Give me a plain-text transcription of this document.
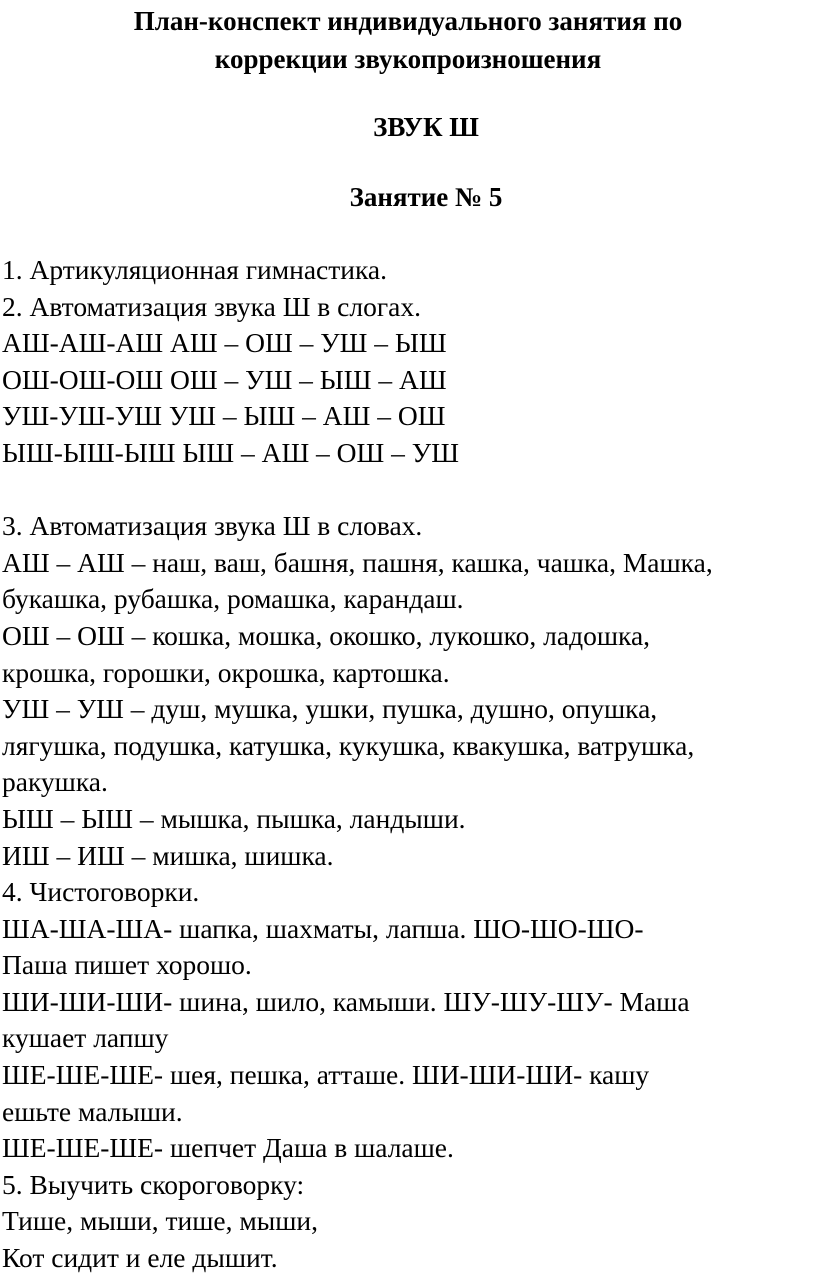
План-конспект индивидуального занятия по
коррекции звукопроизношения
ЗВУК Ш
Занятие № 5
1. Артикуляционная гимнастика.
2. Автоматизация звука Ш в слогах.
АШ-АШ-АШ АШ – ОШ – УШ – ЫШ
ОШ-ОШ-ОШ ОШ – УШ – ЫШ – АШ
УШ-УШ-УШ УШ – ЫШ – АШ – ОШ
ЫШ-ЫШ-ЫШ ЫШ – АШ – ОШ – УШ
3. Автоматизация звука Ш в словах.
АШ – АШ – наш, ваш, башня, пашня, кашка, чашка, Машка,
букашка, рубашка, ромашка, карандаш.
ОШ – ОШ – кошка, мошка, окошко, лукошко, ладошка,
крошка, горошки, окрошка, картошка.
УШ – УШ – душ, мушка, ушки, пушка, душно, опушка,
лягушка, подушка, катушка, кукушка, квакушка, ватрушка,
ракушка.
ЫШ – ЫШ – мышка, пышка, ландыши.
ИШ – ИШ – мишка, шишка.
4. Чистоговорки.
ША-ША-ША- шапка, шахматы, лапша. ШО-ШО-ШО-
Паша пишет хорошо.
ШИ-ШИ-ШИ- шина, шило, камыши. ШУ-ШУ-ШУ- Маша
кушает лапшу
ШЕ-ШЕ-ШЕ- шея, пешка, атташе. ШИ-ШИ-ШИ- кашу
ешьте малыши.
ШЕ-ШЕ-ШЕ- шепчет Даша в шалаше.
5. Выучить скороговорку:
Тише, мыши, тише, мыши,
Кот сидит и еле дышит.
